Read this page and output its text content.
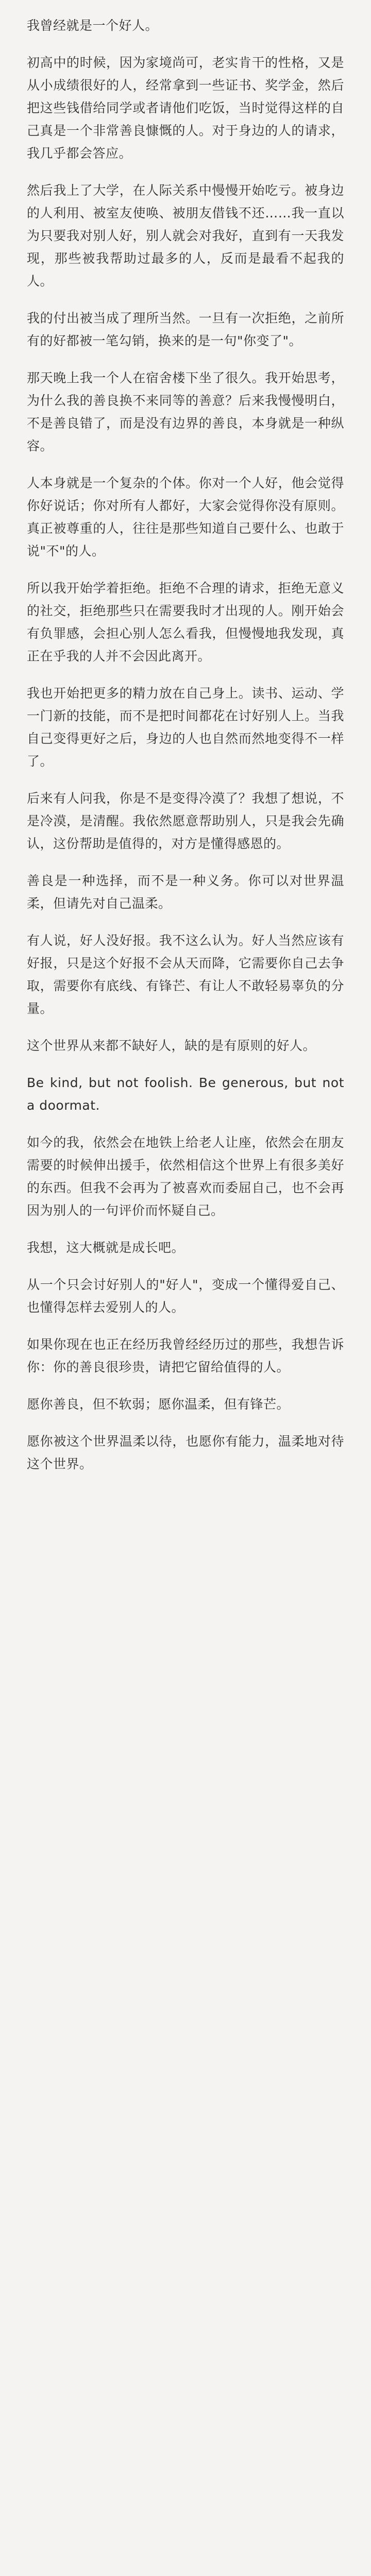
我曾经就是一个好人。

初高中的时候，因为家境尚可，老实肯干的性格，又是从小成绩很好的人，经常拿到一些证书、奖学金，然后把这些钱借给同学或者请他们吃饭，当时觉得这样的自己真是一个非常善良慷慨的人。对于身边的人的请求，我几乎都会答应。

然后我上了大学，在人际关系中慢慢开始吃亏。被身边的人利用、被室友使唤、被朋友借钱不还……我一直以为只要我对别人好，别人就会对我好，直到有一天我发现，那些被我帮助过最多的人，反而是最看不起我的人。

我的付出被当成了理所当然。一旦有一次拒绝，之前所有的好都被一笔勾销，换来的是一句"你变了"。

那天晚上我一个人在宿舍楼下坐了很久。我开始思考，为什么我的善良换不来同等的善意？后来我慢慢明白，不是善良错了，而是没有边界的善良，本身就是一种纵容。

人本身就是一个复杂的个体。你对一个人好，他会觉得你好说话；你对所有人都好，大家会觉得你没有原则。真正被尊重的人，往往是那些知道自己要什么、也敢于说"不"的人。

所以我开始学着拒绝。拒绝不合理的请求，拒绝无意义的社交，拒绝那些只在需要我时才出现的人。刚开始会有负罪感，会担心别人怎么看我，但慢慢地我发现，真正在乎我的人并不会因此离开。

我也开始把更多的精力放在自己身上。读书、运动、学一门新的技能，而不是把时间都花在讨好别人上。当我自己变得更好之后，身边的人也自然而然地变得不一样了。

后来有人问我，你是不是变得冷漠了？我想了想说，不是冷漠，是清醒。我依然愿意帮助别人，只是我会先确认，这份帮助是值得的，对方是懂得感恩的。

善良是一种选择，而不是一种义务。你可以对世界温柔，但请先对自己温柔。

有人说，好人没好报。我不这么认为。好人当然应该有好报，只是这个好报不会从天而降，它需要你自己去争取，需要你有底线、有锋芒、有让人不敢轻易辜负的分量。

这个世界从来都不缺好人，缺的是有原则的好人。

Be kind, but not foolish. Be generous, but not a doormat.

如今的我，依然会在地铁上给老人让座，依然会在朋友需要的时候伸出援手，依然相信这个世界上有很多美好的东西。但我不会再为了被喜欢而委屈自己，也不会再因为别人的一句评价而怀疑自己。

我想，这大概就是成长吧。

从一个只会讨好别人的"好人"，变成一个懂得爱自己、也懂得怎样去爱别人的人。

如果你现在也正在经历我曾经经历过的那些，我想告诉你：你的善良很珍贵，请把它留给值得的人。

愿你善良，但不软弱；愿你温柔，但有锋芒。

愿你被这个世界温柔以待，也愿你有能力，温柔地对待这个世界。
